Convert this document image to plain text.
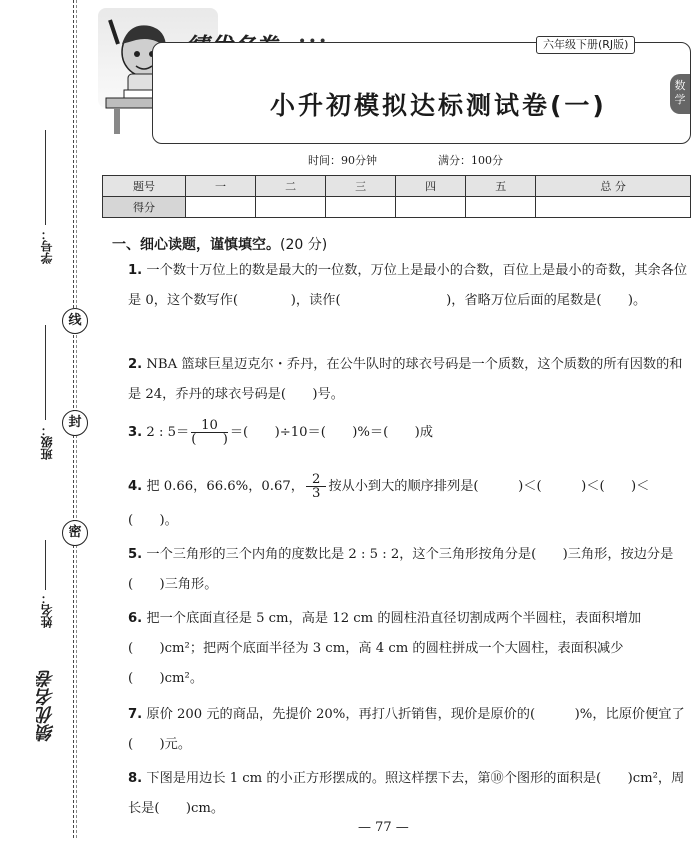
学号：
线
班级：
封
密
姓名：
绩优名卷
六年级下册(RJ版)
小升初模拟达标测试卷(一)
数
学
时间：90分钟	满分：100分
题号	一	二	三	四	五	总 分
得分						
一、细心读题，谨慎填空。(20 分)
1. 一个数十万位上的数是最大的一位数，万位上是最小的合数，百位上是最小的奇数，其余各位是 0，这个数写作(　　　　)，读作(　　　　　　　　)，省略万位后面的尾数是(　　)。
2. NBA 篮球巨星迈克尔・乔丹，在公牛队时的球衣号码是一个质数，这个质数的所有因数的和是 24，乔丹的球衣号码是(　　)号。
3. 2 : $5= \frac{10}{( )}$ ＝(　　)÷10＝(　　)%＝(　　)成
4. 把 0.66，66.6%，0.67， $\frac{2}{3}$ 按从小到大的顺序排列是(　　　)＜(　　　)＜(　　)＜(　　)。
5. 一个三角形的三个内角的度数比是 2 : 5 : 2，这个三角形按角分是(　　)三角形，按边分是(　　)三角形。
6. 把一个底面直径是 5 cm，高是 12 cm 的圆柱沿直径切割成两个半圆柱，表面积增加(　　)cm²；把两个底面半径为 3 cm，高 4 cm 的圆柱拼成一个大圆柱，表面积减少(　　)cm²。
7. 原价 200 元的商品，先提价 20%，再打八折销售，现价是原价的(　　　)%，比原价便宜了(　　)元。
8. 下图是用边长 1 cm 的小正方形摆成的。照这样摆下去，第⑩个图形的面积是(　　)cm²，周长是(　　)cm。
— 77 —
